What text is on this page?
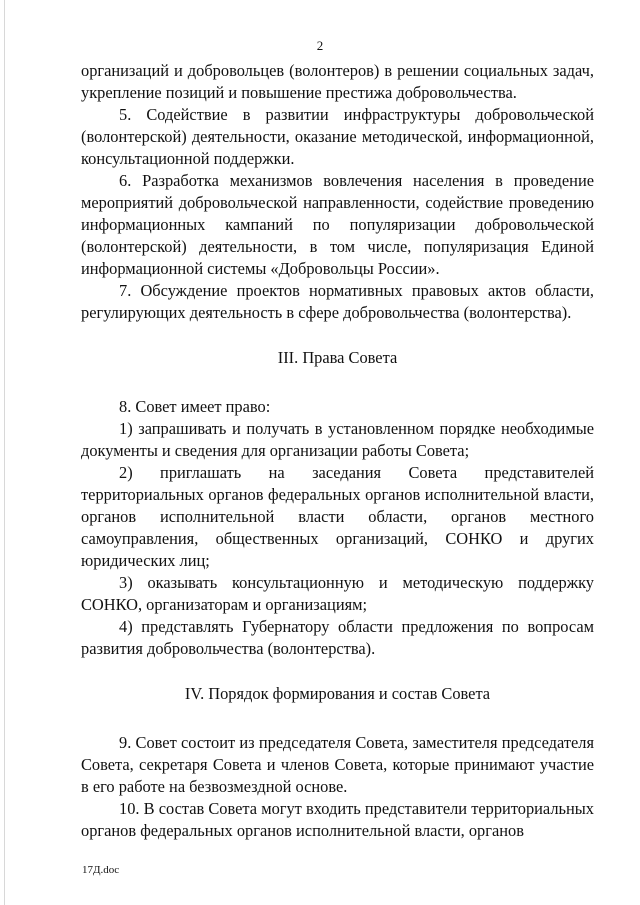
2

организаций и добровольцев (волонтеров) в решении социальных задач, укрепление позиций и повышение престижа добровольчества.

5. Содействие в развитии инфраструктуры добровольческой (волонтерской) деятельности, оказание методической, информационной, консультационной поддержки.

6. Разработка механизмов вовлечения населения в проведение мероприятий добровольческой направленности, содействие проведению информационных кампаний по популяризации добровольческой (волонтерской) деятельности, в том числе, популяризация Единой информационной системы «Добровольцы России».

7. Обсуждение проектов нормативных правовых актов области, регулирующих деятельность в сфере добровольчества (волонтерства).

III. Права Совета

8. Совет имеет право:

1) запрашивать и получать в установленном порядке необходимые документы и сведения для организации работы Совета;

2) приглашать на заседания Совета представителей территориальных органов федеральных органов исполнительной власти, органов исполнительной власти области, органов местного самоуправления, общественных организаций, СОНКО и других юридических лиц;

3) оказывать консультационную и методическую поддержку СОНКО, организаторам и организациям;

4) представлять Губернатору области предложения по вопросам развития добровольчества (волонтерства).

IV. Порядок формирования и состав Совета

9. Совет состоит из председателя Совета, заместителя председателя Совета, секретаря Совета и членов Совета, которые принимают участие в его работе на безвозмездной основе.

10. В состав Совета могут входить представители территориальных органов федеральных органов исполнительной власти, органов

17Д.doc
